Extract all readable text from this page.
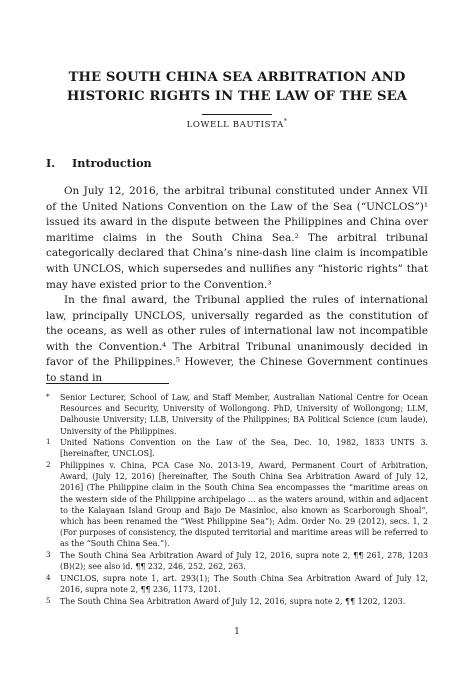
THE SOUTH CHINA SEA ARBITRATION AND
HISTORIC RIGHTS IN THE LAW OF THE SEA
LOWELL BAUTISTA*
I. Introduction

On July 12, 2016, the arbitral tribunal constituted under Annex VII of the United Nations Convention on the Law of the Sea (“UNCLOS”)¹ issued its award in the dispute between the Philippines and China over maritime claims in the South China Sea.² The arbitral tribunal categorically declared that China’s nine-dash line claim is incompatible with UNCLOS, which supersedes and nullifies any “historic rights” that may have existed prior to the Convention.³

In the final award, the Tribunal applied the rules of international law, principally UNCLOS, universally regarded as the constitution of the oceans, as well as other rules of international law not incompatible with the Convention.⁴ The Arbitral Tribunal unanimously decided in favor of the Philippines.⁵ However, the Chinese Government continues to stand in

* Senior Lecturer, School of Law, and Staff Member, Australian National Centre for Ocean Resources and Security, University of Wollongong. PhD, University of Wollongong; LLM, Dalhousie University; LLB, University of the Philippines; BA Political Science (cum laude), University of the Philippines.
1 United Nations Convention on the Law of the Sea, Dec. 10, 1982, 1833 UNTS 3. [hereinafter, UNCLOS].
2 Philippines v. China, PCA Case No. 2013-19, Award, Permanent Court of Arbitration, Award, (July 12, 2016) [hereinafter, The South China Sea Arbitration Award of July 12, 2016] (The Philippine claim in the South China Sea encompasses the “maritime areas on the western side of the Philippine archipelago … as the waters around, within and adjacent to the Kalayaan Island Group and Bajo De Masinloc, also known as Scarborough Shoal”, which has been renamed the “West Philippine Sea”); Adm. Order No. 29 (2012), secs. 1, 2 (For purposes of consistency, the disputed territorial and maritime areas will be referred to as the “South China Sea.”).
3 The South China Sea Arbitration Award of July 12, 2016, supra note 2, ¶¶ 261, 278, 1203 (B)(2); see also id. ¶¶ 232, 246, 252, 262, 263.
4 UNCLOS, supra note 1, art. 293(1); The South China Sea Arbitration Award of July 12, 2016, supra note 2, ¶¶ 236, 1173, 1201.
5 The South China Sea Arbitration Award of July 12, 2016, supra note 2, ¶¶ 1202, 1203.
1
